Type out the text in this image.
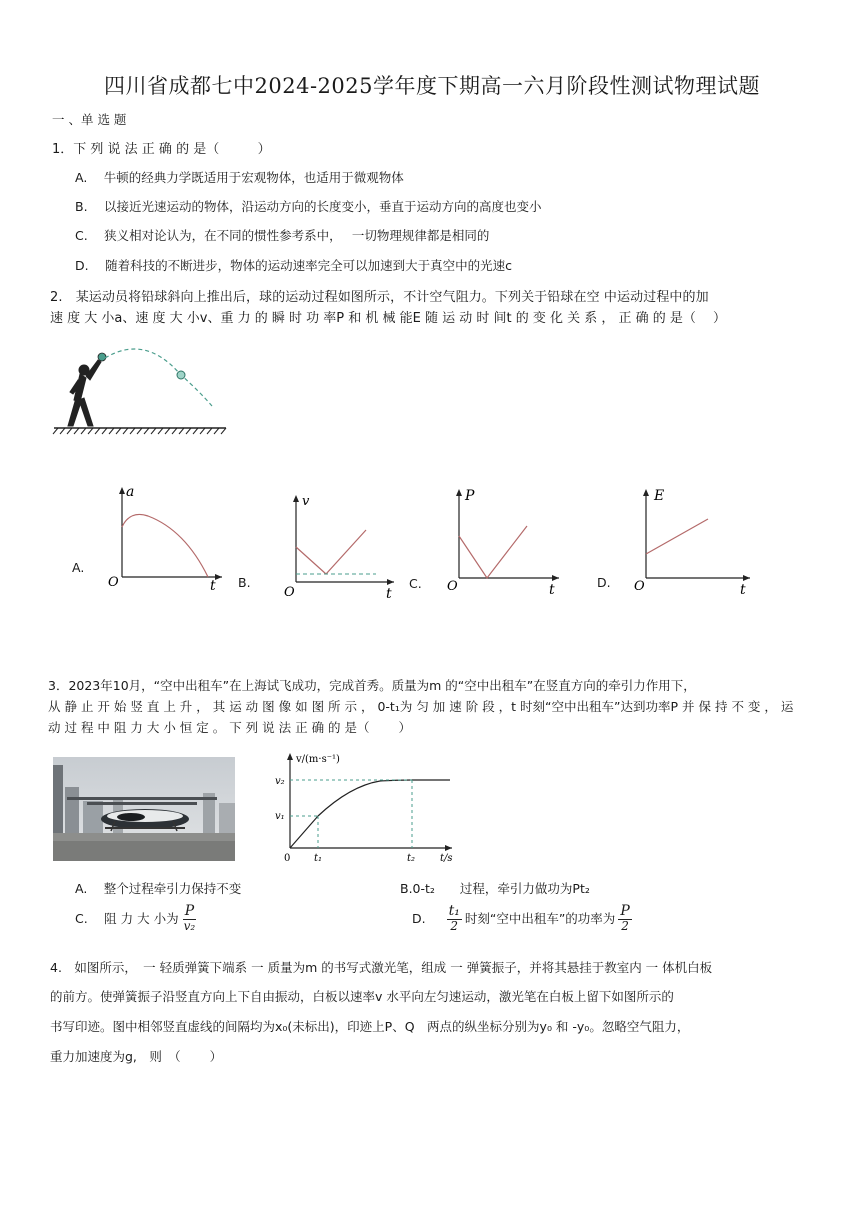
四川省成都七中2024-2025学年度下期高一六月阶段性测试物理试题
一 、单 选 题
1．下 列 说 法 正 确 的 是（ 　 　 ）
A.　 牛顿的经典力学既适用于宏观物体，也适用于微观物体
B.　 以接近光速运动的物体，沿运动方向的长度变小，垂直于运动方向的高度也变小
C.　 狭义相对论认为，在不同的惯性参考系中，　 一切物理规律都是相同的
D.　 随着科技的不断进步，物体的运动速率完全可以加速到大于真空中的光速c
2.　某运动员将铅球斜向上推出后，球的运动过程如图所示，不计空气阻力。下列关于铅球在空 中运动过程中的加
速 度 大 小a、速 度 大 小v、重 力 的 瞬 时 功 率P 和 机 械 能E 随 运 动 时 间t 的 变 化 关 系 ， 正 确 的 是（　 ）
A.
a
O	t B.
v
O	t
C.
P
O	t	D.
E
O	t
3．2023年10月，“空中出租车”在上海试飞成功，完成首秀。质量为m 的“空中出租车”在竖直方向的牵引力作用下，
从 静 止 开 始 竖 直 上 升 ， 其 运 动 图 像 如 图 所 示 ， 0-t₁为 匀 加 速 阶 段 ，t 时刻“空中出租车”达到功率P 并 保 持 不 变 ， 运
动 过 程 中 阻 力 大 小 恒 定 。 下 列 说 法 正 确 的 是（　 　）
v/(m·s⁻¹)
v₂
v₁
0 t₁	t₂ t/s
A.　 整个过程牵引力保持不变	B.0-t₂　　过程，牵引力做功为Pt₂
C.　 阻 力 大 小为 $\frac{P}{\text{v₂}}$	D. $\frac{\text{t₁}}{2}$ 时刻“空中出租车”的功率为 $\frac{P}{2}$
4.　如图所示，　一 轻质弹簧下端系 一 质量为m 的书写式激光笔，组成 一 弹簧振子，并将其悬挂于教室内 一 体机白板
的前方。使弹簧振子沿竖直方向上下自由振动，白板以速率v 水平向左匀速运动，激光笔在白板上留下如图所示的
书写印迹。图中相邻竖直虚线的间隔均为x₀(未标出)，印迹上P、Q　两点的纵坐标分别为y₀ 和 -y₀。忽略空气阻力，
重力加速度为g,　则　（　　 ）
